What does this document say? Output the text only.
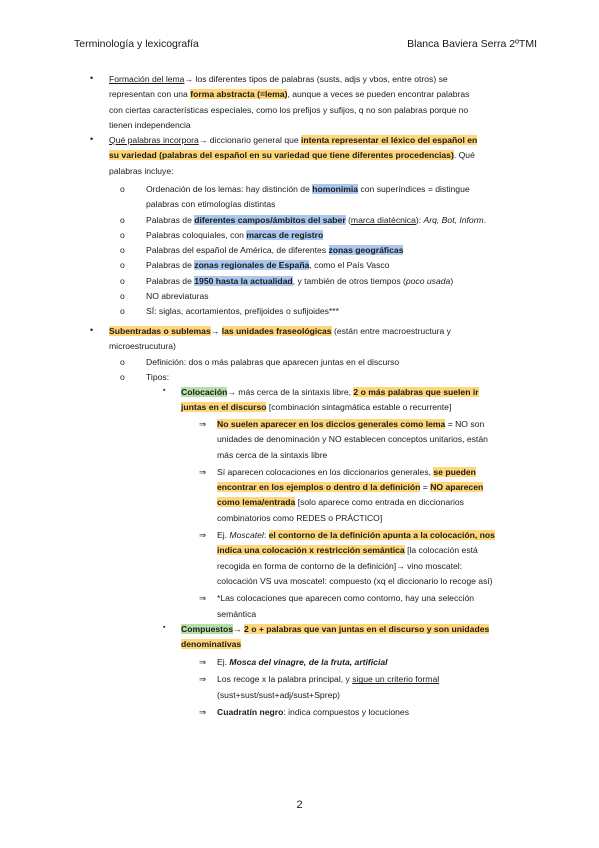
Terminología y lexicografía	Blanca Baviera Serra 2ºTMI
• Formación del lema→ los diferentes tipos de palabras (susts, adjs y vbos, entre otros) se
representan con una forma abstracta (=lema), aunque a veces se pueden encontrar palabras
con ciertas características especiales, como los prefijos y sufijos, q no son palabras porque no
tienen independencia
• Qué palabras incorpora→ diccionario general que intenta representar el léxico del español en
su variedad (palabras del español en su variedad que tiene diferentes procedencias). Qué
palabras incluye:
o Ordenación de los lemas: hay distinción de homonimia con superíndices = distingue
palabras con etimologías distintas
o Palabras de diferentes campos/ámbitos del saber (marca diatécnica): Arq, Bot, Inform.
o Palabras coloquiales, con marcas de registro
o Palabras del español de América, de diferentes zonas geográficas
o Palabras de zonas regionales de España, como el País Vasco
o Palabras de 1950 hasta la actualidad, y también de otros tiempos (poco usada)
o NO abreviaturas
o SÍ: siglas, acortamientos, prefijoides o sufijoides***
• Subentradas o sublemas→ las unidades fraseológicas (están entre macroestructura y
microestrucutura)
o Definición: dos o más palabras que aparecen juntas en el discurso
o Tipos:
▪ Colocación→ más cerca de la sintaxis libre, 2 o más palabras que suelen ir
juntas en el discurso [combinación sintagmática estable o recurrente]
⇒ No suelen aparecer en los diccios generales como lema = NO son
unidades de denominación y NO establecen conceptos unitarios, están
más cerca de la sintaxis libre
⇒ Sí aparecen colocaciones en los diccionarios generales, se pueden
encontrar en los ejemplos o dentro d la definición = NO aparecen
como lema/entrada [solo aparece como entrada en diccionarios
combinatorios como REDES o PRÁCTICO]
⇒ Ej. Moscatel: el contorno de la definición apunta a la colocación, nos
indica una colocación x restricción semántica [la colocación está
recogida en forma de contorno de la definición]→ vino moscatel:
colocación VS uva moscatel: compuesto (xq el diccionario lo recoge así)
⇒ *Las colocaciones que aparecen como contorno, hay una selección
semántica
▪ Compuestos→ 2 o + palabras que van juntas en el discurso y son unidades
denominativas
⇒ Ej. Mosca del vinagre, de la fruta, artificial
⇒ Los recoge x la palabra principal, y sigue un criterio formal
(sust+sust/sust+adj/sust+Sprep)
⇒ Cuadratín negro: indica compuestos y locuciones
2
